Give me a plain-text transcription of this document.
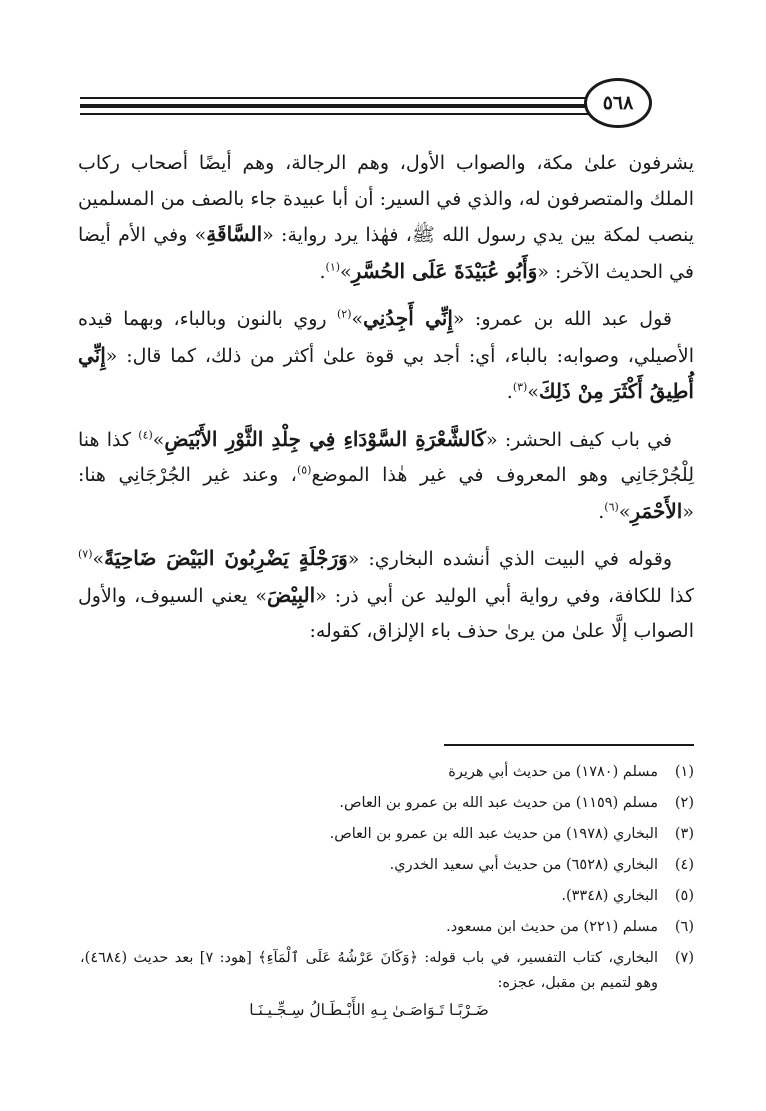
٥٦٨

يشرفون علىٰ مكة، والصواب الأول، وهم الرجالة، وهم أيضًا أصحاب ركاب الملك والمتصرفون له، والذي في السير: أن أبا عبيدة جاء بالصف من المسلمين ينصب لمكة بين يدي رسول الله ﷺ، فهٰذا يرد رواية: «السَّاقَةِ» وفي الأم أيضا في الحديث الآخر: «وَأَبُو عُبَيْدَةَ عَلَى الحُسَّرِ»$^{(١)}$.

قول عبد الله بن عمرو: «إِنِّي أَجِدُنِي»$^{(٢)}$ روي بالنون وبالباء، وبهما قيده الأصيلي، وصوابه: بالباء، أي: أجد بي قوة علىٰ أكثر من ذلك، كما قال: «إِنِّي أُطِيقُ أَكْثَرَ مِنْ ذَلِكَ»$^{(٣)}$.

في باب كيف الحشر: «كَالشَّعْرَةِ السَّوْدَاءِ فِي جِلْدِ الثَّوْرِ الأَبْيَضِ»$^{(٤)}$ كذا هنا لِلْجُرْجَانِي وهو المعروف في غير هٰذا الموضع$^{(٥)}$، وعند غير الجُرْجَانِي هنا: «الأَحْمَرِ»$^{(٦)}$.

وقوله في البيت الذي أنشده البخاري: «وَرَجْلَةٍ يَضْرِبُونَ البَيْضَ ضَاحِيَةً»$^{(٧)}$ كذا للكافة، وفي رواية أبي الوليد عن أبي ذر: «البِيْضَ» يعني السيوف، والأول الصواب إلَّا علىٰ من يرىٰ حذف باء الإلزاق، كقوله:

(١)
مسلم (١٧٨٠) من حديث أبي هريرة
(٢)
مسلم (١١٥٩) من حديث عبد الله بن عمرو بن العاص.
(٣)
البخاري (١٩٧٨) من حديث عبد الله بن عمرو بن العاص.
(٤)
البخاري (٦٥٢٨) من حديث أبي سعيد الخدري.
(٥)
البخاري (٣٣٤٨).
(٦)
مسلم (٢٢١) من حديث ابن مسعود.
(٧)
البخاري، كتاب التفسير، في باب قوله: ﴿وَكَانَ عَرْشُهُ عَلَى ٱلْمَآءِ﴾ [هود: ٧] بعد حديث (٤٦٨٤)، وهو لتميم بن مقبل، عجزه:
ضَـرْبًـا تَـوَاصَـىٰ بِـهِ الأَبْـطَـالُ سِـجِّـيـنَـا
